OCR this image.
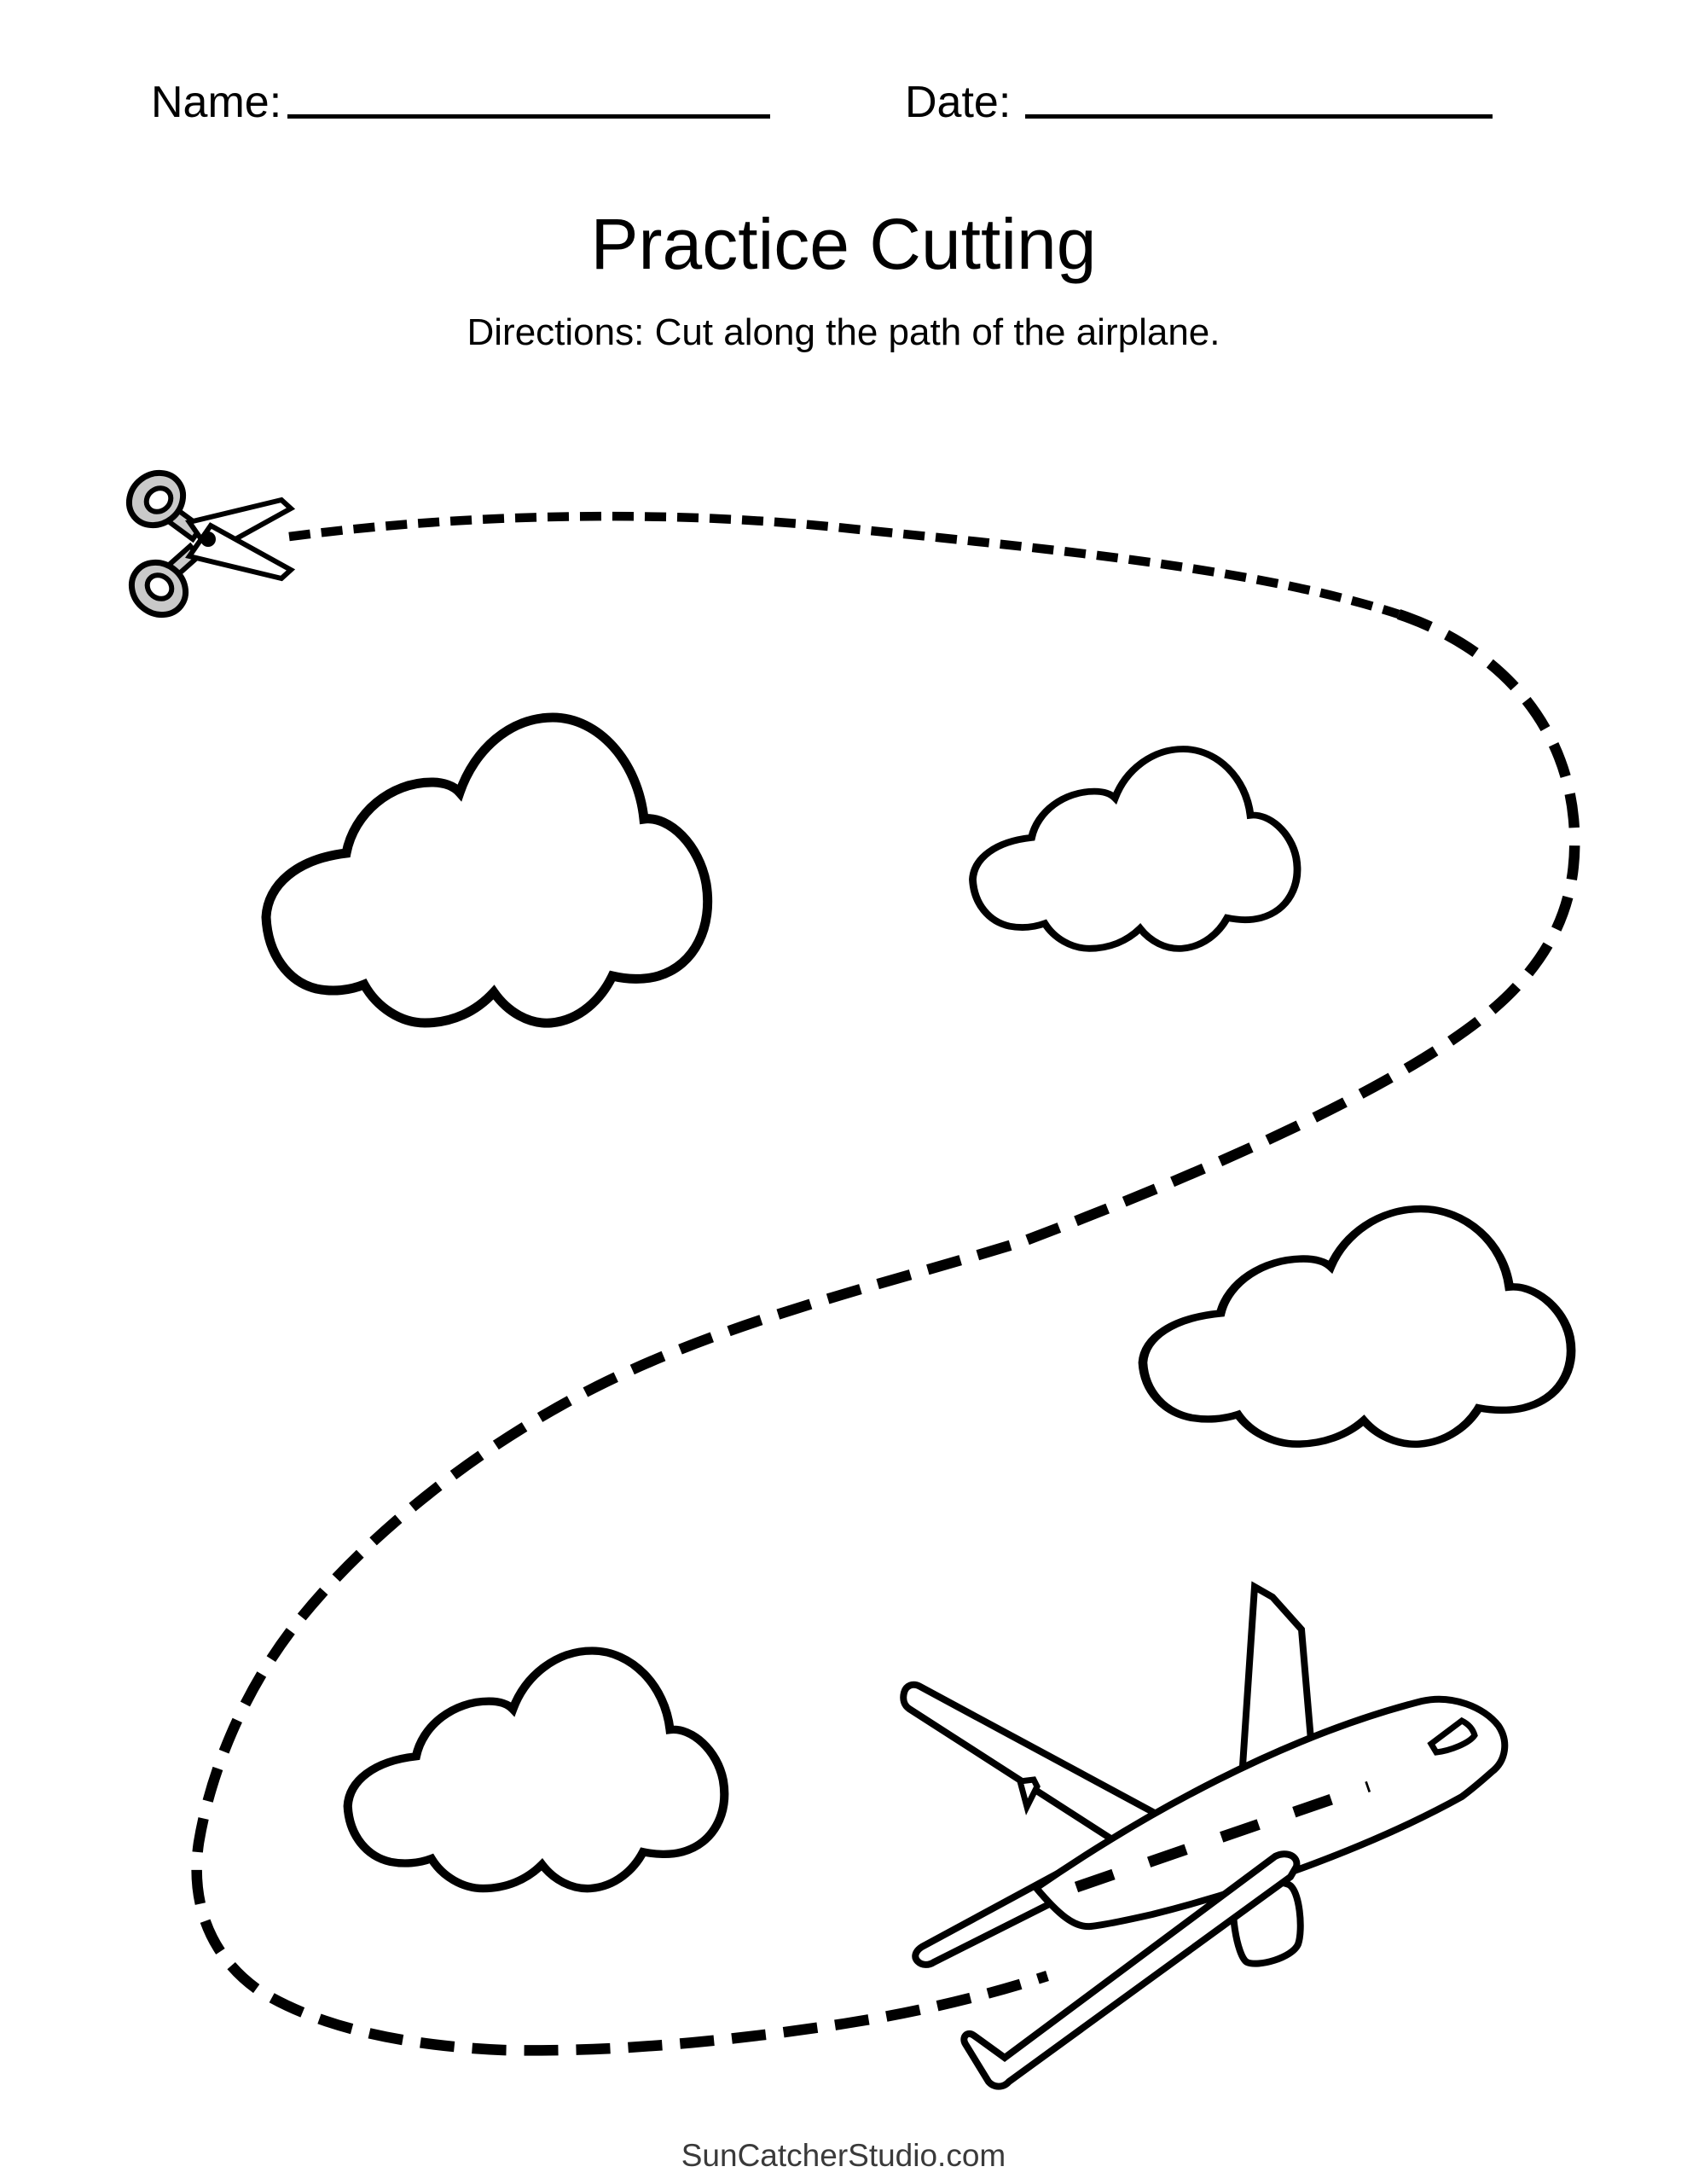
Name:	Date:
Practice Cutting
Directions: Cut along the path of the airplane.
SunCatcherStudio.com
